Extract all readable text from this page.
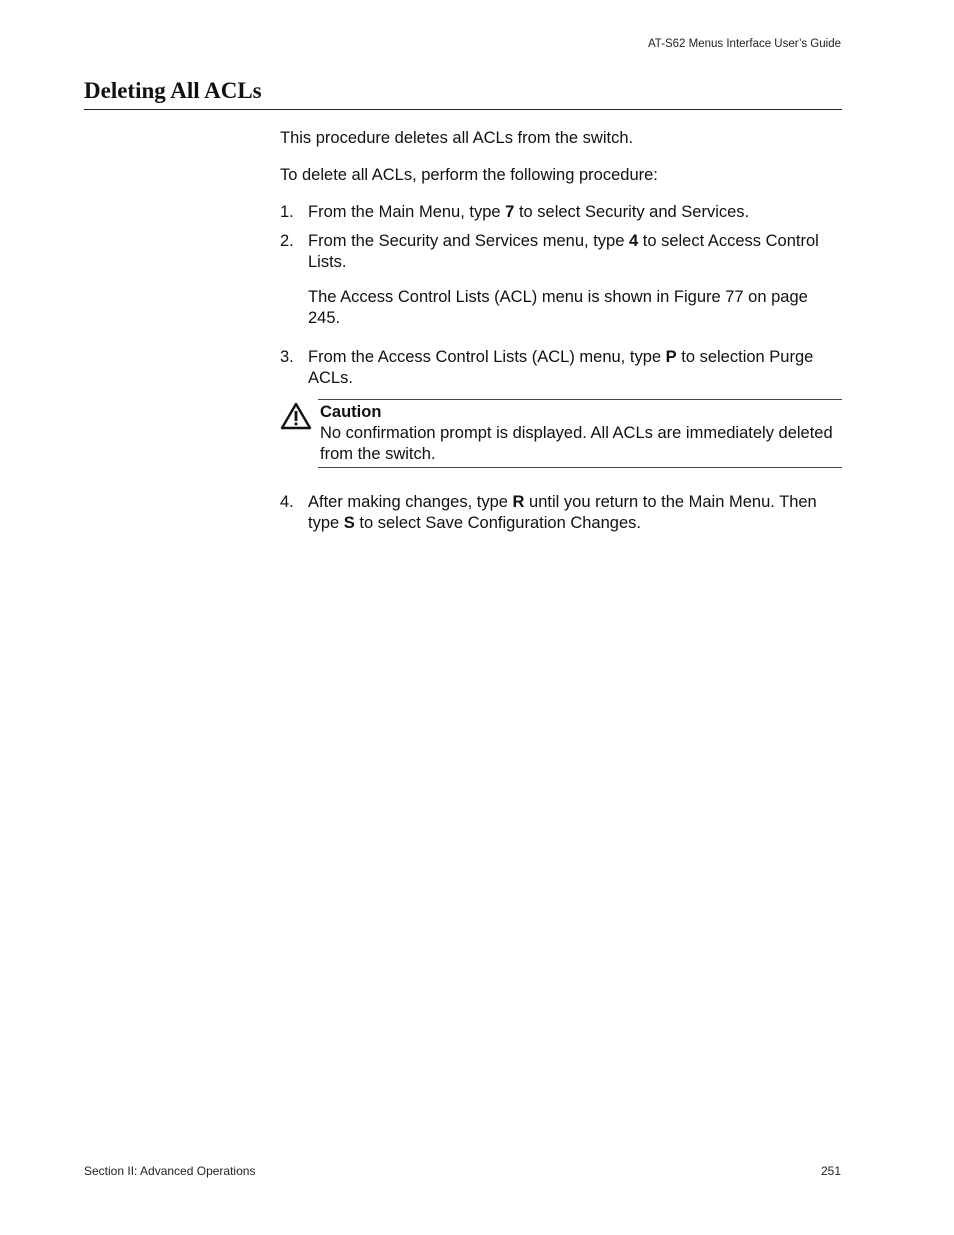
AT-S62 Menus Interface User’s Guide
Deleting All ACLs

This procedure deletes all ACLs from the switch.

To delete all ACLs, perform the following procedure:

1. From the Main Menu, type 7 to select Security and Services.
2. From the Security and Services menu, type 4 to select Access Control Lists.

The Access Control Lists (ACL) menu is shown in Figure 77 on page 245.

3. From the Access Control Lists (ACL) menu, type P to selection Purge ACLs.
Caution
No confirmation prompt is displayed. All ACLs are immediately deleted from the switch.
4. After making changes, type R until you return to the Main Menu. Then type S to select Save Configuration Changes.
Section II: Advanced Operations	251
